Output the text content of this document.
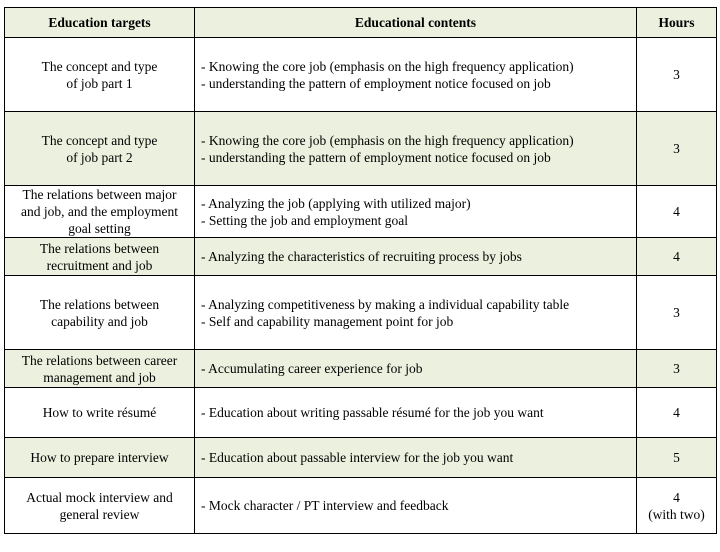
Education targets	Educational contents	Hours

The concept and type
of job part 1	- Knowing the core job (emphasis on the high frequency application)
- understanding the pattern of employment notice focused on job	3

The concept and type
of job part 2	- Knowing the core job (emphasis on the high frequency application)
- understanding the pattern of employment notice focused on job	3

The relations between major
and job, and the employment
goal setting	- Analyzing the job (applying with utilized major)
- Setting the job and employment goal	4

The relations between
recruitment and job	- Analyzing the characteristics of recruiting process by jobs	4

The relations between
capability and job	- Analyzing competitiveness by making a individual capability table
- Self and capability management point for job	3

The relations between career
management and job	- Accumulating career experience for job	3

How to write résumé	- Education about writing passable résumé for the job you want	4

How to prepare interview	- Education about passable interview for the job you want	5

Actual mock interview and
general review	- Mock character / PT interview and feedback	4
(with two)
